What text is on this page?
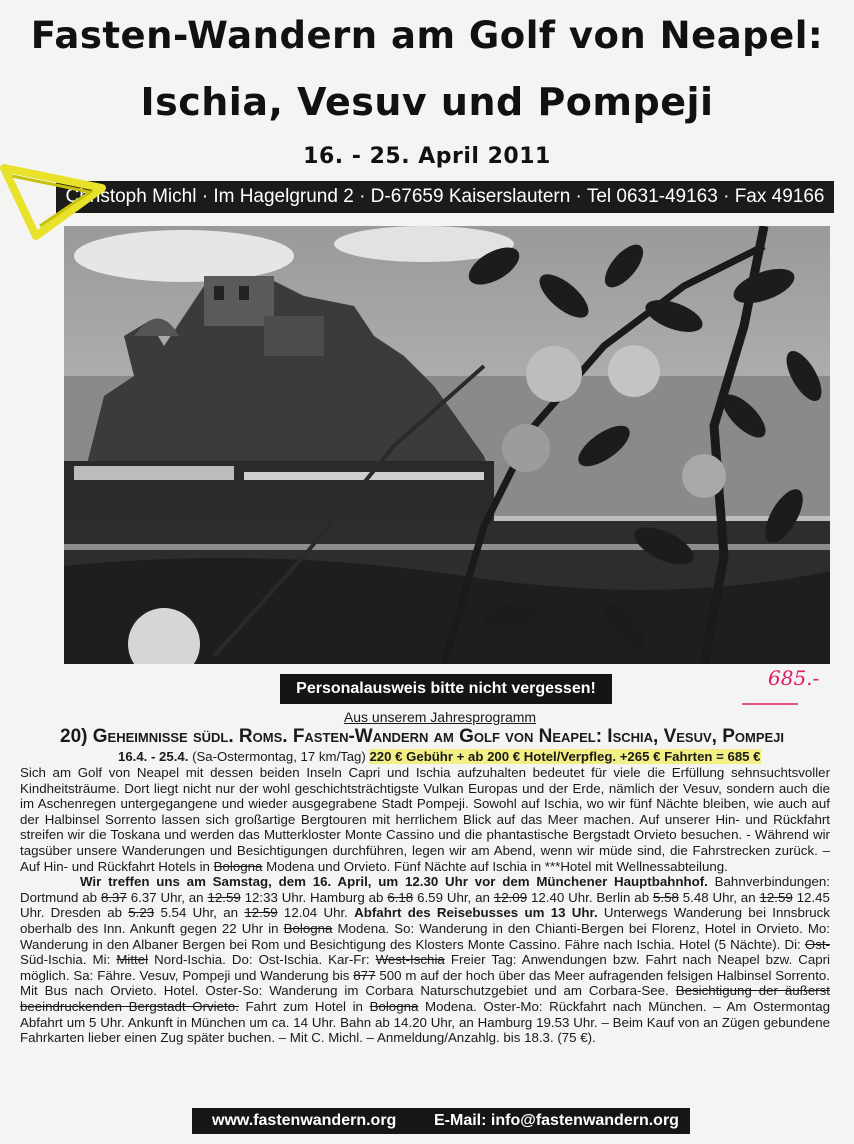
Fasten-Wandern am Golf von Neapel:
Ischia, Vesuv und Pompeji
16. - 25. April 2011
Christoph Michl · Im Hagelgrund 2 · D-67659 Kaiserslautern · Tel 0631-49163 · Fax 49166
Personalausweis bitte nicht vergessen!	685.-
Aus unserem Jahresprogramm
20) Geheimnisse südl. Roms. Fasten-Wandern am Golf von Neapel: Ischia, Vesuv, Pompeji
16.4. - 25.4. (Sa-Ostermontag, 17 km/Tag) 220 € Gebühr + ab 200 € Hotel/Verpfleg. +265 € Fahrten = 685 €

Sich am Golf von Neapel mit dessen beiden Inseln Capri und Ischia aufzuhalten bedeutet für viele die Erfüllung sehnsuchtsvoller Kindheitsträume. Dort liegt nicht nur der wohl geschichtsträchtigste Vulkan Europas und der Erde, nämlich der Vesuv, sondern auch die im Aschenregen untergegangene und wieder ausgegrabene Stadt Pompeji. Sowohl auf Ischia, wo wir fünf Nächte bleiben, wie auch auf der Halbinsel Sorrento lassen sich großartige Bergtouren mit herrlichem Blick auf das Meer machen. Auf unserer Hin- und Rückfahrt streifen wir die Toskana und werden das Mutterkloster Monte Cassino und die phantastische Bergstadt Orvieto besuchen. - Während wir tagsüber unsere Wanderungen und Besichtigungen durchführen, legen wir am Abend, wenn wir müde sind, die Fahrstrecken zurück. – Auf Hin- und Rückfahrt Hotels in Bologna Modena und Orvieto. Fünf Nächte auf Ischia in ***Hotel mit Wellnessabteilung.

Wir treffen uns am Samstag, dem 16. April, um 12.30 Uhr vor dem Münchener Hauptbahnhof. Bahnverbindungen: Dortmund ab 8.37 6.37 Uhr, an 12.59 12:33 Uhr. Hamburg ab 6.18 6.59 Uhr, an 12.09 12.40 Uhr. Berlin ab 5.58 5.48 Uhr, an 12.59 12.45 Uhr. Dresden ab 5.23 5.54 Uhr, an 12.59 12.04 Uhr. Abfahrt des Reisebusses um 13 Uhr. Unterwegs Wanderung bei Innsbruck oberhalb des Inn. Ankunft gegen 22 Uhr in Bologna Modena. So: Wanderung in den Chianti-Bergen bei Florenz, Hotel in Orvieto. Mo: Wanderung in den Albaner Bergen bei Rom und Besichtigung des Klosters Monte Cassino. Fähre nach Ischia. Hotel (5 Nächte). Di: Ost-Süd-Ischia. Mi: Mittel Nord-Ischia. Do: Ost-Ischia. Kar-Fr: West-Ischia Freier Tag: Anwendungen bzw. Fahrt nach Neapel bzw. Capri möglich. Sa: Fähre. Vesuv, Pompeji und Wanderung bis 877 500 m auf der hoch über das Meer aufragenden felsigen Halbinsel Sorrento. Mit Bus nach Orvieto. Hotel. Oster-So: Wanderung im Corbara Naturschutzgebiet und am Corbara-See. Besichtigung der äußerst beeindruckenden Bergstadt Orvieto. Fahrt zum Hotel in Bologna Modena. Oster-Mo: Rückfahrt nach München. – Am Ostermontag Abfahrt um 5 Uhr. Ankunft in München um ca. 14 Uhr. Bahn ab 14.20 Uhr, an Hamburg 19.53 Uhr. – Beim Kauf von an Zügen gebundene Fahrkarten lieber einen Zug später buchen. – Mit C. Michl. – Anmeldung/Anzahlg. bis 18.3. (75 €).

www.fastenwandern.org E-Mail: info@fastenwandern.org
